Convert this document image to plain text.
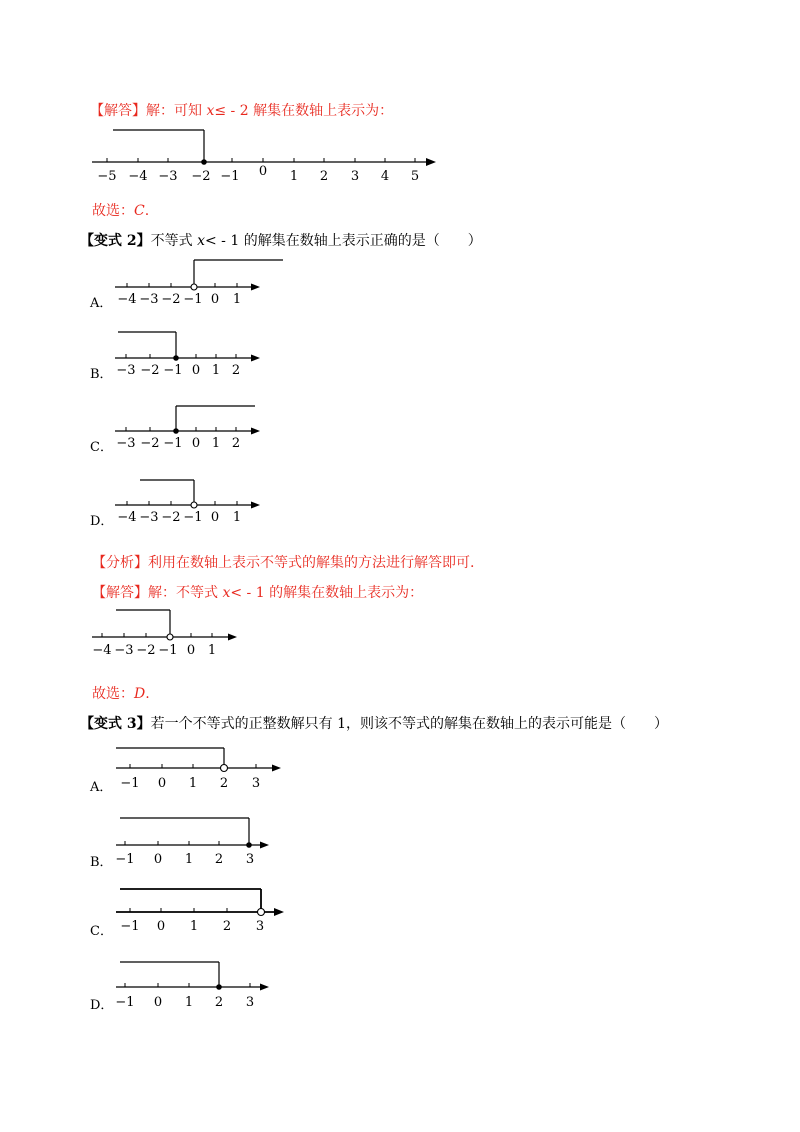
【解答】解：可知 x≤ - 2 解集在数轴上表示为：
−5 −4 −3 −2 −1 0 1 2 3 4 5
故选：C.
【变式 2】不等式 x< - 1 的解集在数轴上表示正确的是（　　）
A． −4 −3 −2 −1 0 1
B． −3 −2 −1 0 1 2
C． −3 −2 −1 0 1 2
D． −4 −3 −2 −1 0 1
【分析】利用在数轴上表示不等式的解集的方法进行解答即可.
【解答】解：不等式 x< - 1 的解集在数轴上表示为：
−4 −3 −2 −1 0 1
故选：D.
【变式 3】若一个不等式的正整数解只有 1，则该不等式的解集在数轴上的表示可能是（　　）
A． −1 0 1 2 3
B． −1 0 1 2 3
C． −1 0 1 2 3
D． −1 0 1 2 3
